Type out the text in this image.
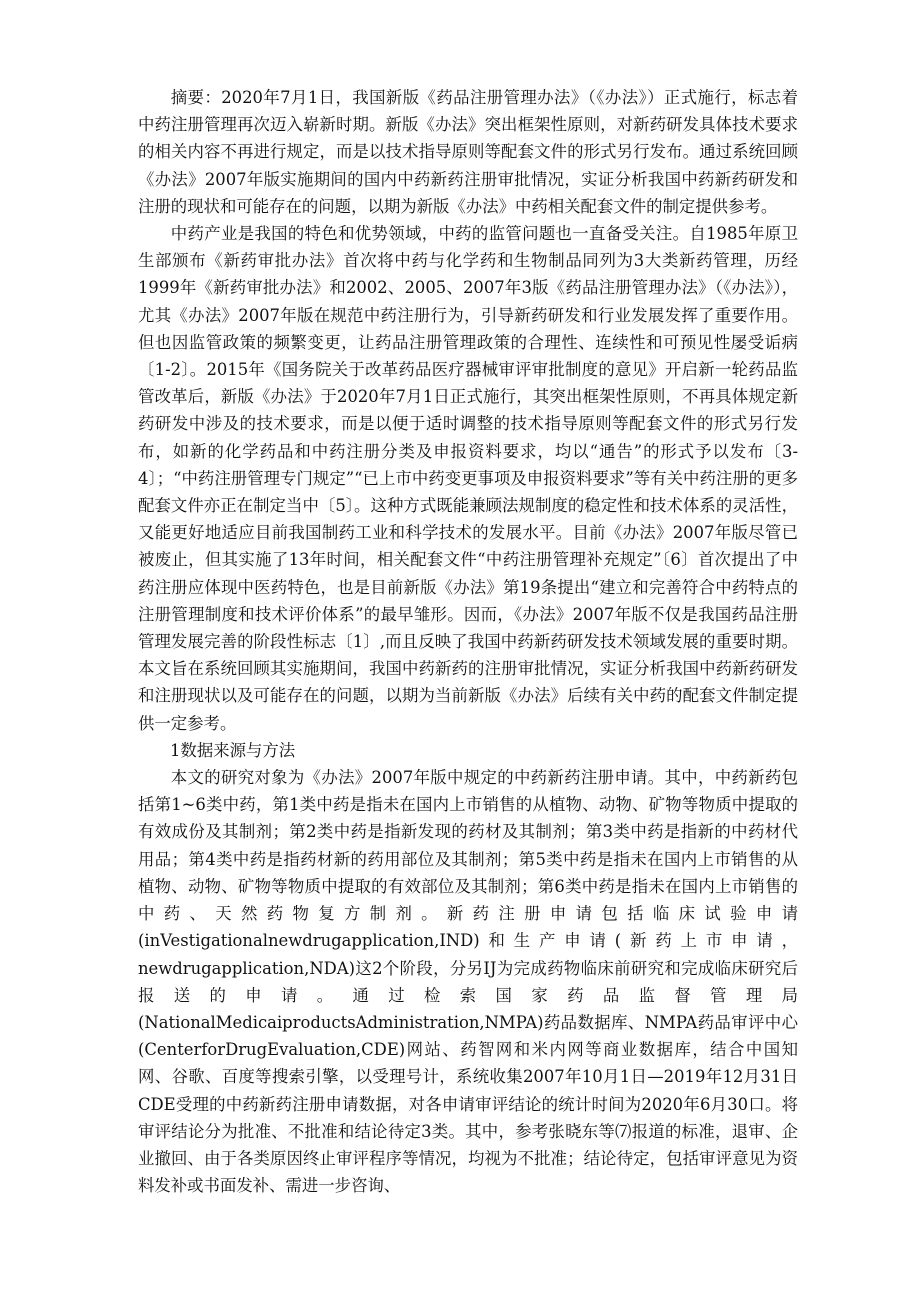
摘要：2020年7月1日，我国新版《药品注册管理办法》（《办法》）正式施行，标志着中药注册管理再次迈入崭新时期。新版《办法》突出框架性原则，对新药研发具体技术要求的相关内容不再进行规定，而是以技术指导原则等配套文件的形式另行发布。通过系统回顾《办法》2007年版实施期间的国内中药新药注册审批情况，实证分析我国中药新药研发和注册的现状和可能存在的问题，以期为新版《办法》中药相关配套文件的制定提供参考。

中药产业是我国的特色和优势领域，中药的监管问题也一直备受关注。自1985年原卫生部颁布《新药审批办法》首次将中药与化学药和生物制品同列为3大类新药管理，历经1999年《新药审批办法》和2002、2005、2007年3版《药品注册管理办法》（《办法》），尤其《办法》2007年版在规范中药注册行为，引导新药研发和行业发展发挥了重要作用。但也因监管政策的频繁变更，让药品注册管理政策的合理性、连续性和可预见性屡受诟病〔1-2〕。2015年《国务院关于改革药品医疗器械审评审批制度的意见》开启新一轮药品监管改革后，新版《办法》于2020年7月1日正式施行，其突出框架性原则，不再具体规定新药研发中涉及的技术要求，而是以便于适时调整的技术指导原则等配套文件的形式另行发布，如新的化学药品和中药注册分类及申报资料要求，均以“通告”的形式予以发布〔3-4〕；“中药注册管理专门规定”“已上市中药变更事项及申报资料要求”等有关中药注册的更多配套文件亦正在制定当中〔5〕。这种方式既能兼顾法规制度的稳定性和技术体系的灵活性，又能更好地适应目前我国制药工业和科学技术的发展水平。目前《办法》2007年版尽管已被废止，但其实施了13年时间，相关配套文件“中药注册管理补充规定”〔6〕首次提出了中药注册应体现中医药特色，也是目前新版《办法》第19条提出“建立和完善符合中药特点的注册管理制度和技术评价体系”的最早雏形。因而，《办法》2007年版不仅是我国药品注册管理发展完善的阶段性标志〔1〕,而且反映了我国中药新药研发技术领域发展的重要时期。本文旨在系统回顾其实施期间，我国中药新药的注册审批情况，实证分析我国中药新药研发和注册现状以及可能存在的问题，以期为当前新版《办法》后续有关中药的配套文件制定提供一定参考。

1数据来源与方法

本文的研究对象为《办法》2007年版中规定的中药新药注册申请。其中，中药新药包括第1~6类中药，第1类中药是指未在国内上市销售的从植物、动物、矿物等物质中提取的有效成份及其制剂；第2类中药是指新发现的药材及其制剂；第3类中药是指新的中药材代用品；第4类中药是指药材新的药用部位及其制剂；第5类中药是指未在国内上市销售的从植物、动物、矿物等物质中提取的有效部位及其制剂；第6类中药是指未在国内上市销售的中药、天然药物复方制剂。新药注册申请包括临床试验申请(inVestigationalnewdrugapplication,IND)和生产申请(新药上市申请，newdrugapplication,NDA)这2个阶段，分另IJ为完成药物临床前研究和完成临床研究后报送的申请。通过检索国家药品监督管理局(NationalMedicaiproductsAdministration,NMPA)药品数据库、NMPA药品审评中心(CenterforDrugEvaluation,CDE)网站、药智网和米内网等商业数据库，结合中国知网、谷歌、百度等搜索引擎，以受理号计，系统收集2007年10月1日—2019年12月31日CDE受理的中药新药注册申请数据，对各申请审评结论的统计时间为2020年6月30口。将审评结论分为批准、不批准和结论待定3类。其中，参考张晓东等⑺报道的标准，退审、企业撤回、由于各类原因终止审评程序等情况，均视为不批准；结论待定，包括审评意见为资料发补或书面发补、需进一步咨询、
